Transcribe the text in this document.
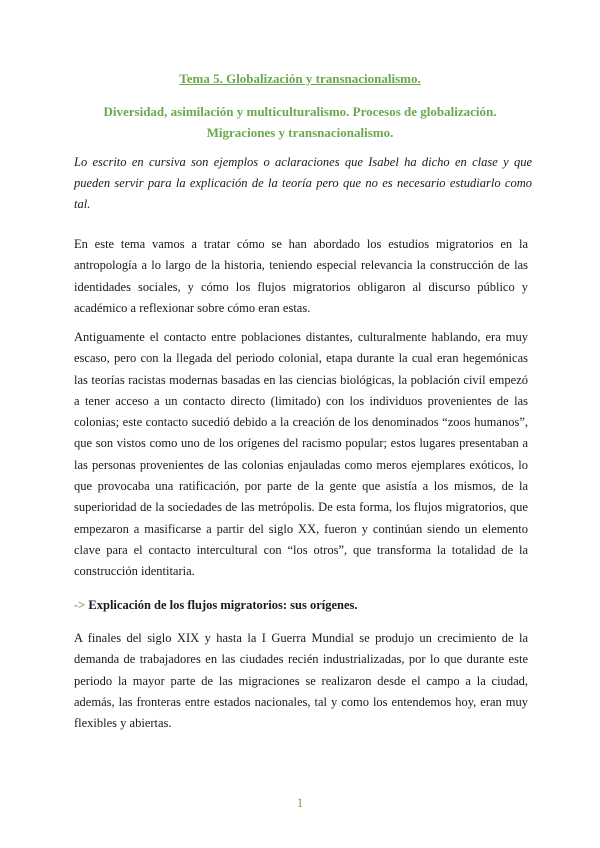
Tema 5. Globalización y transnacionalismo.
Diversidad, asimilación y multiculturalismo. Procesos de globalización. Migraciones y transnacionalismo.
Lo escrito en cursiva son ejemplos o aclaraciones que Isabel ha dicho en clase y que pueden servir para la explicación de la teoría pero que no es necesario estudiarlo como tal.
En este tema vamos a tratar cómo se han abordado los estudios migratorios en la antropología a lo largo de la historia, teniendo especial relevancia la construcción de las identidades sociales, y cómo los flujos migratorios obligaron al discurso público y académico a reflexionar sobre cómo eran estas.
Antiguamente el contacto entre poblaciones distantes, culturalmente hablando, era muy escaso, pero con la llegada del periodo colonial, etapa durante la cual eran hegemónicas las teorías racistas modernas basadas en las ciencias biológicas, la población civil empezó a tener acceso a un contacto directo (limitado) con los individuos provenientes de las colonias; este contacto sucedió debido a la creación de los denominados “zoos humanos”, que son vistos como uno de los orígenes del racismo popular; estos lugares presentaban a las personas provenientes de las colonias enjauladas como meros ejemplares exóticos, lo que provocaba una ratificación, por parte de la gente que asistía a los mismos, de la superioridad de la sociedades de las metrópolis. De esta forma, los flujos migratorios, que empezaron a masificarse a partir del siglo XX, fueron y continúan siendo un elemento clave para el contacto intercultural con “los otros”, que transforma la totalidad de la construcción identitaria.
-> Explicación de los flujos migratorios: sus orígenes.
A finales del siglo XIX y hasta la I Guerra Mundial se produjo un crecimiento de la demanda de trabajadores en las ciudades recién industrializadas, por lo que durante este periodo la mayor parte de las migraciones se realizaron desde el campo a la ciudad, además, las fronteras entre estados nacionales, tal y como los entendemos hoy, eran muy flexibles y abiertas.
1
